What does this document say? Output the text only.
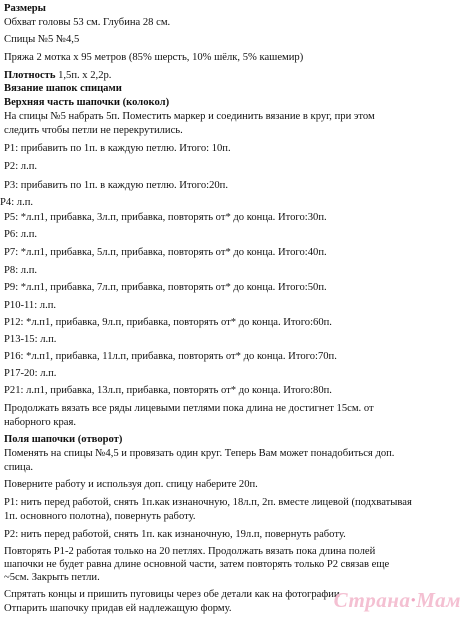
Размеры
Обхват головы 53 см. Глубина 28 см.
Спицы №5 №4,5
Пряжа 2 мотка х 95 метров (85% шерсть, 10% шёлк, 5% кашемир)
Плотность 1,5п. х 2,2р.
Вязание шапок спицами
Верхняя часть шапочки (колокол)
На спицы №5 набрать 5п. Поместить маркер и соединить вязание в круг, при этом
следить чтобы петли не перекрутились.
Р1: прибавить по 1п. в каждую петлю. Итого: 10п.
Р2: л.п.
Р3: прибавить по 1п. в каждую петлю. Итого:20п.
Р4: л.п.
Р5: *л.п1, прибавка, 3л.п, прибавка, повторять от* до конца. Итого:30п.
Р6: л.п.
Р7: *л.п1, прибавка, 5л.п, прибавка, повторять от* до конца. Итого:40п.
Р8: л.п.
Р9: *л.п1, прибавка, 7л.п, прибавка, повторять от* до конца. Итого:50п.
Р10-11: л.п.
Р12: *л.п1, прибавка, 9л.п, прибавка, повторять от* до конца. Итого:60п.
Р13-15: л.п.
Р16: *л.п1, прибавка, 11л.п, прибавка, повторять от* до конца. Итого:70п.
Р17-20: л.п.
Р21: л.п1, прибавка, 13л.п, прибавка, повторять от* до конца. Итого:80п.
Продолжать вязать все ряды лицевыми петлями пока длина не достигнет 15см. от
наборного края.
Поля шапочки (отворот)
Поменять на спицы №4,5 и провязать один круг. Теперь Вам может понадобиться доп.
спица.
Поверните работу и используя доп. спицу наберите 20п.
Р1: нить перед работой, снять 1п.как изнаночную, 18л.п, 2п. вместе лицевой (подхватывая
1п. основного полотна), повернуть работу.
Р2: нить перед работой, снять 1п. как изнаночную, 19л.п, повернуть работу.
Повторять Р1-2 работая только на 20 петлях. Продолжать вязать пока длина полей
шапочки не будет равна длине основной части, затем повторять только Р2 связав еще
~5см. Закрыть петли.
Спрятать концы и пришить пуговицы через обе детали как на фотографии
Отпарить шапочку придав ей надлежащую форму.	Страна·Мам
